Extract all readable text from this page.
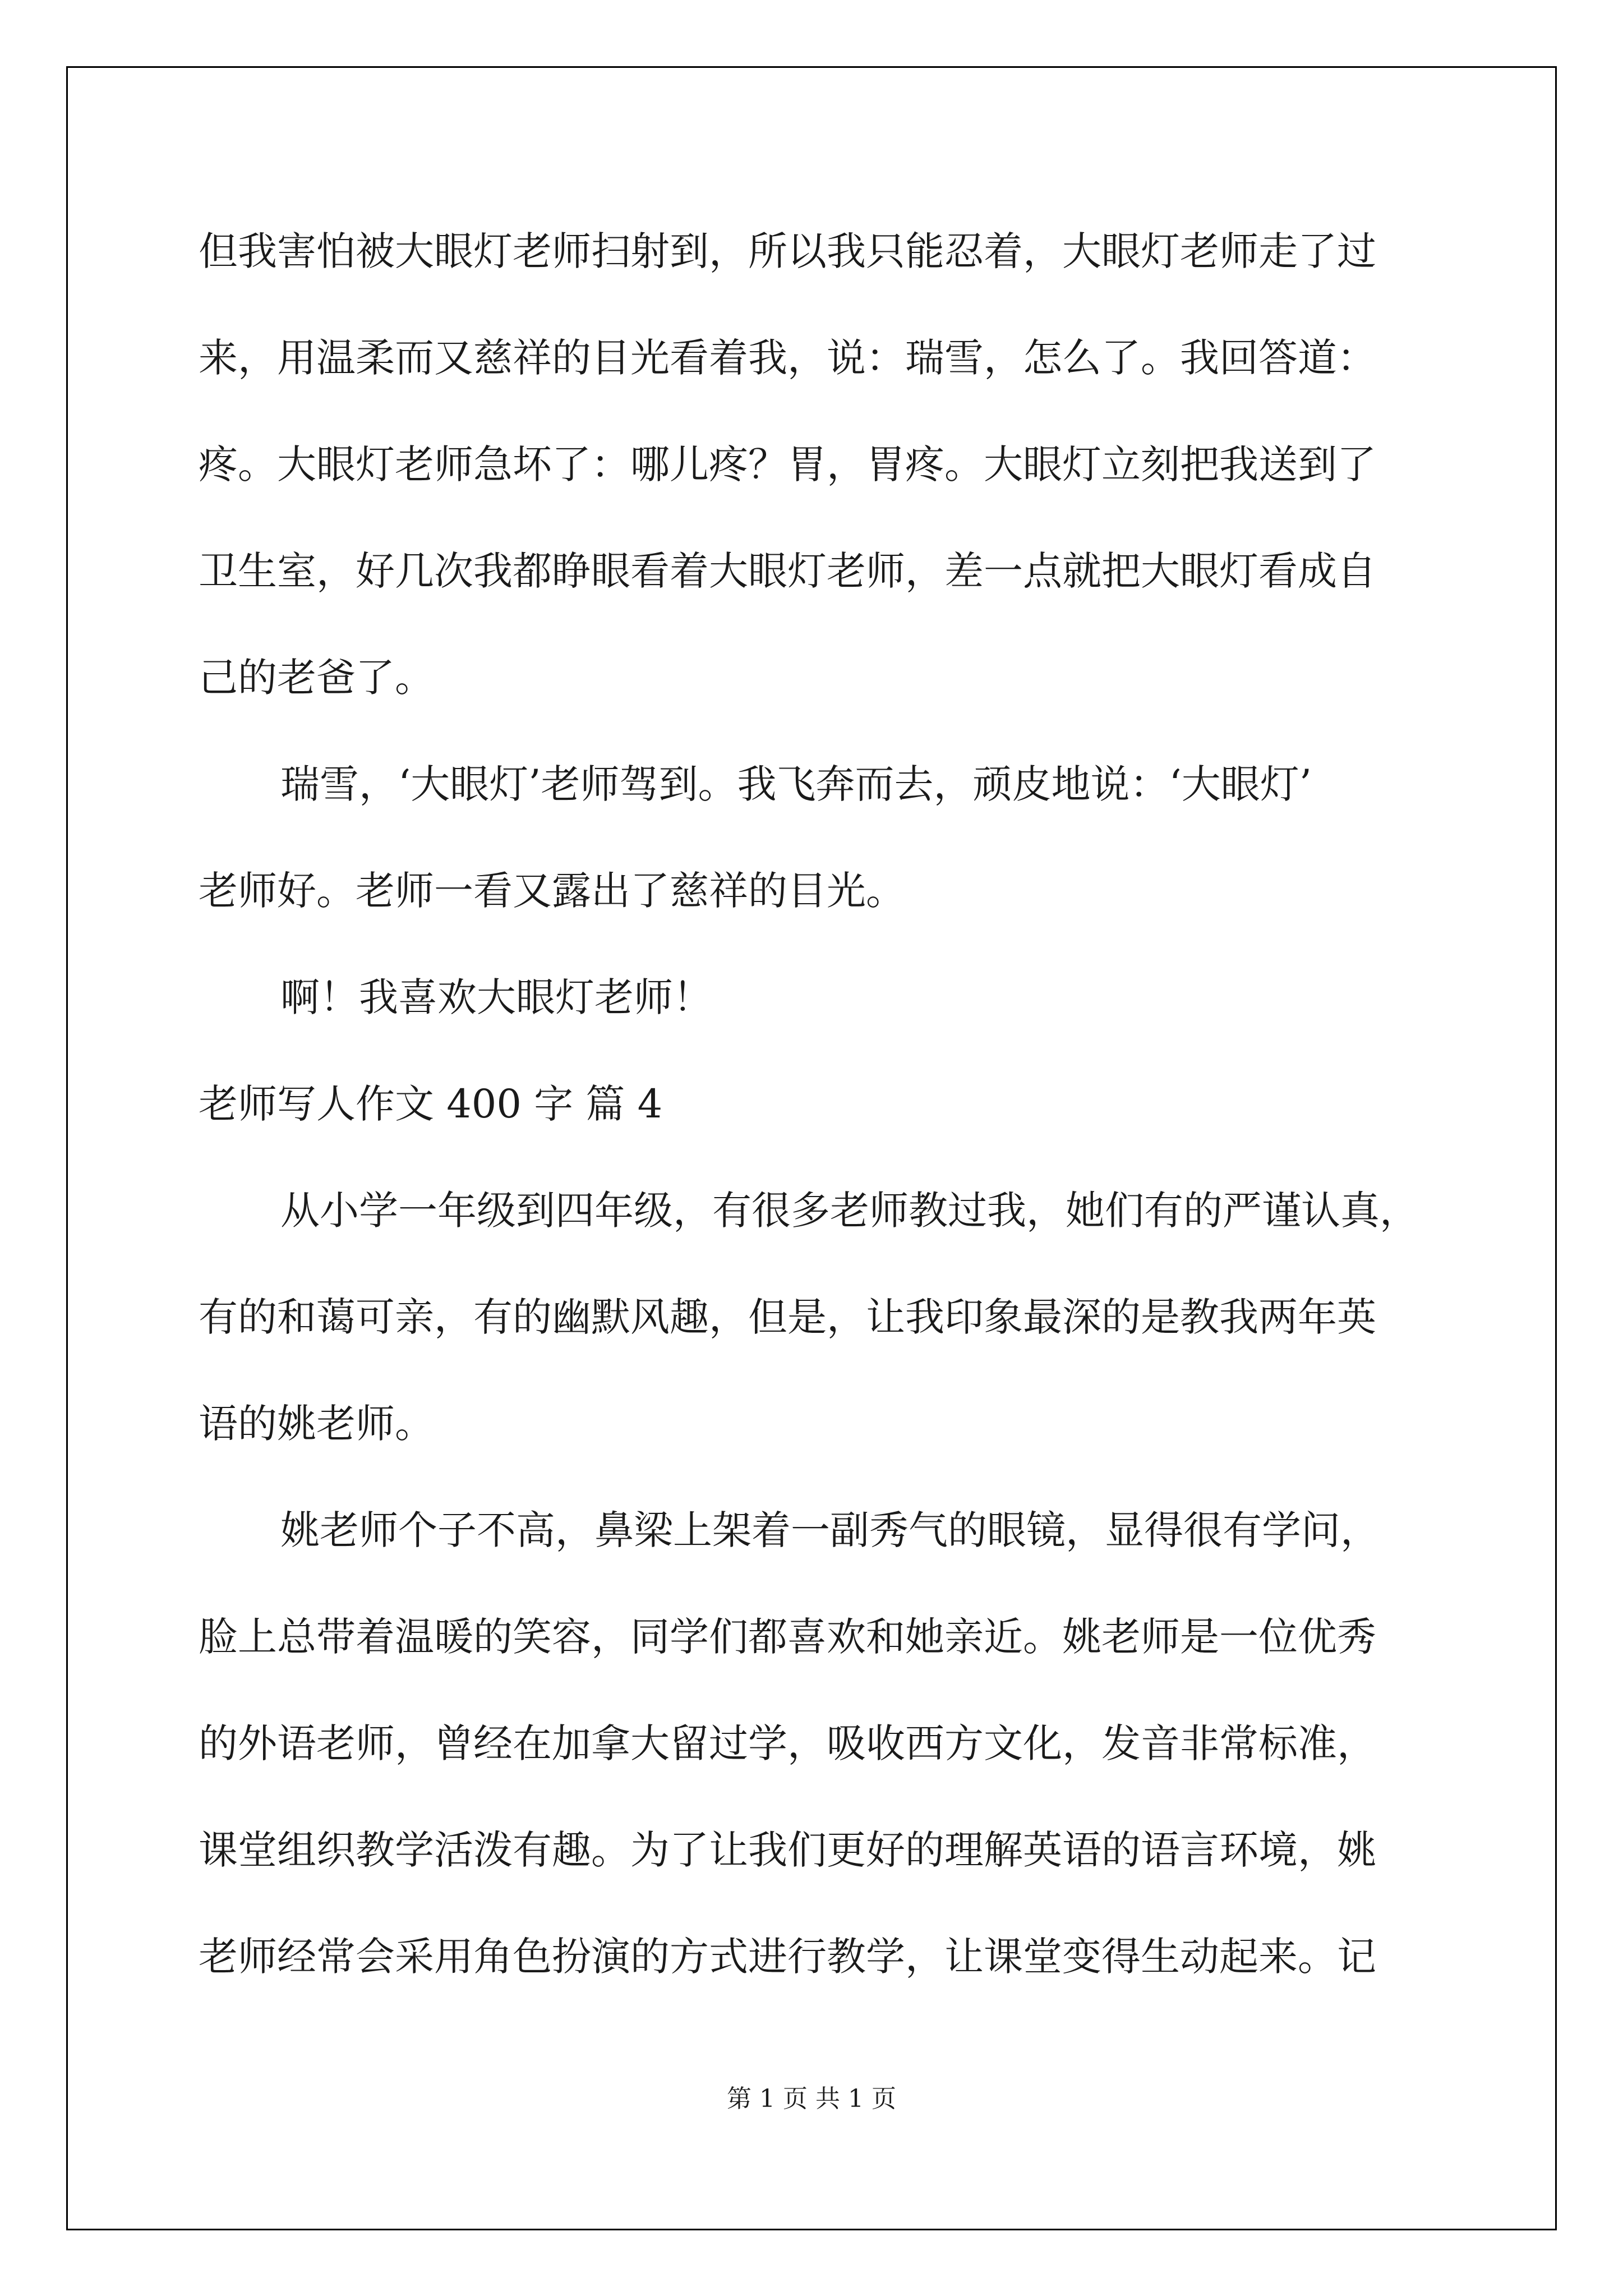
但我害怕被大眼灯老师扫射到，所以我只能忍着，大眼灯老师走了过

来，用温柔而又慈祥的目光看着我，说：瑞雪，怎么了。我回答道：

疼。大眼灯老师急坏了：哪儿疼？胃，胃疼。大眼灯立刻把我送到了

卫生室，好几次我都睁眼看着大眼灯老师，差一点就把大眼灯看成自

己的老爸了。

瑞雪，‘大眼灯’老师驾到。我飞奔而去，顽皮地说：‘大眼灯’

老师好。老师一看又露出了慈祥的目光。

啊！我喜欢大眼灯老师！

老师写人作文 400 字 篇 4

从小学一年级到四年级，有很多老师教过我，她们有的严谨认真，

有的和蔼可亲，有的幽默风趣，但是，让我印象最深的是教我两年英

语的姚老师。

姚老师个子不高，鼻梁上架着一副秀气的眼镜，显得很有学问，

脸上总带着温暖的笑容，同学们都喜欢和她亲近。姚老师是一位优秀

的外语老师，曾经在加拿大留过学，吸收西方文化，发音非常标准，

课堂组织教学活泼有趣。为了让我们更好的理解英语的语言环境，姚

老师经常会采用角色扮演的方式进行教学，让课堂变得生动起来。记

第 1 页 共 1 页
